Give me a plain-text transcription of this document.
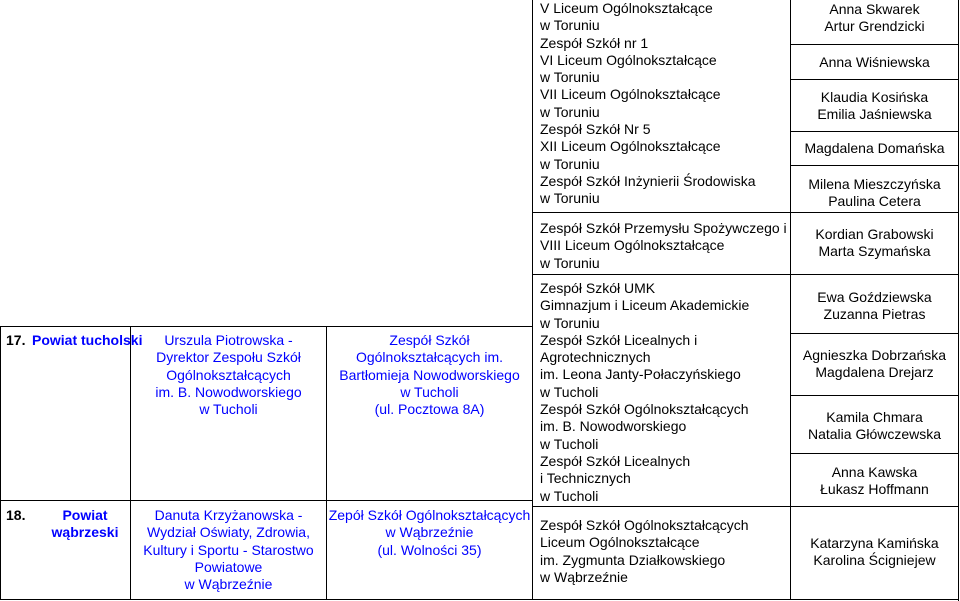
V Liceum Ogólnokształcące
w Toruniu
Zespół Szkół nr 1
VI Liceum Ogólnokształcące
w Toruniu
VII Liceum Ogólnokształcące
w Toruniu
Zespół Szkół Nr 5
XII Liceum Ogólnokształcące
w Toruniu
Zespół Szkół Inżynierii Środowiska
w Toruniu
Zespół Szkół Przemysłu Spożywczego i
VIII Liceum Ogólnokształcące
w Toruniu
Anna Skwarek
Artur Grendzicki
Anna Wiśniewska
Klaudia Kosińska
Emilia Jaśniewska
Magdalena Domańska
Milena Mieszczyńska
Paulina Cetera
Kordian Grabowski
Marta Szymańska
17. Powiat tucholski	Urszula Piotrowska -
Dyrektor Zespołu Szkół
Ogólnokształcących
im. B. Nowodworskiego
w Tucholi
Zespół Szkół
Ogólnokształcących im.
Bartłomieja Nowodworskiego
w Tucholi
(ul. Pocztowa 8A)
Zespół Szkół UMK
Gimnazjum i Liceum Akademickie
w Toruniu
Zespół Szkół Licealnych i
Agrotechnicznych
im. Leona Janty-Połaczyńskiego
w Tucholi
Zespół Szkół Ogólnokształcących
im. B. Nowodworskiego
w Tucholi
Zespół Szkół Licealnych
i Technicznych
w Tucholi
Ewa Goździewska
Zuzanna Pietras
Agnieszka Dobrzańska
Magdalena Drejarz
Kamila Chmara
Natalia Główczewska
Anna Kawska
Łukasz Hoffmann
18.	Powiat
wąbrzeski
Danuta Krzyżanowska -
Wydział Oświaty, Zdrowia,
Kultury i Sportu - Starostwo
Powiatowe
w Wąbrzeźnie
Zepół Szkół Ogólnokształcących
w Wąbrzeźnie
(ul. Wolności 35)
Zespół Szkół Ogólnokształcących
Liceum Ogólnokształcące
im. Zygmunta Działkowskiego
w Wąbrzeźnie
Katarzyna Kamińska
Karolina Ścigniejew
